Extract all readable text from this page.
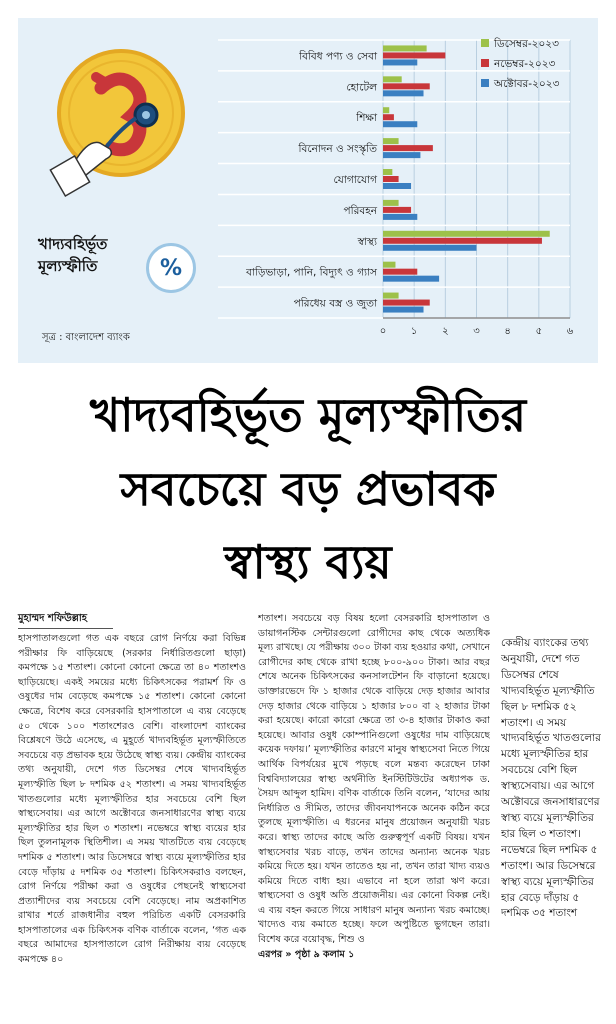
খাদ্যবহির্ভূত
মূল্যস্ফীতি	%
সূত্র : বাংলাদেশ ব্যাংক
বিবিধ পণ্য ও সেবা
হোটেল
শিক্ষা
বিনোদন ও সংস্কৃতি
যোগাযোগ
পরিবহন
স্বাস্থ্য
বাড়িভাড়া, পানি, বিদ্যুৎ ও গ্যাস
পরিধেয় বস্ত্র ও জুতা
০ ১ ২ ৩ ৪ ৫ ৬
ডিসেম্বর-২০২৩
নভেম্বর-২০২৩
অক্টোবর-২০২৩
খাদ্যবহির্ভূত মূল্যস্ফীতির
সবচেয়ে বড় প্রভাবক
স্বাস্থ্য ব্যয়
মুহাম্মদ শফিউল্লাহ

হাসপাতালগুলো গত এক বছরে রোগ নির্ণয়ে করা বিভিন্ন পরীক্ষার ফি বাড়িয়েছে (সরকার নির্ধারিতগুলো ছাড়া) কমপক্ষে ১৫ শতাংশ। কোনো কোনো ক্ষেত্রে তা ৪০ শতাংশও ছাড়িয়েছে। একই সময়ের মধ্যে চিকিৎসকের পরামর্শ ফি ও ওষুধের দাম বেড়েছে কমপক্ষে ১৫ শতাংশ। কোনো কোনো ক্ষেত্রে, বিশেষ করে বেসরকারি হাসপাতালে এ ব্যয় বেড়েছে ৫০ থেকে ১০০ শতাংশেরও বেশি। বাংলাদেশ ব্যাংকের বিশ্লেষণে উঠে এসেছে, এ মুহূর্তে খাদ্যবহির্ভূত মূল্যস্ফীতিতে সবচেয়ে বড় প্রভাবক হয়ে উঠেছে স্বাস্থ্য ব্যয়। কেন্দ্রীয় ব্যাংকের তথ্য অনুযায়ী, দেশে গত ডিসেম্বর শেষে খাদ্যবহির্ভূত মূল্যস্ফীতি ছিল ৮ দশমিক ৫২ শতাংশ। এ সময় খাদ্যবহির্ভূত খাতগুলোর মধ্যে মূল্যস্ফীতির হার সবচেয়ে বেশি ছিল স্বাস্থ্যসেবায়। এর আগে অক্টোবরে জনসাধারণের স্বাস্থ্য ব্যয়ে মূল্যস্ফীতির হার ছিল ৩ শতাংশ। নভেম্বরে স্বাস্থ্য ব্যয়ের হার ছিল তুলনামূলক স্থিতিশীল। এ সময় খাতটিতে ব্যয় বেড়েছে দশমিক ৫ শতাংশ। আর ডিসেম্বরে স্বাস্থ্য ব্যয়ে মূল্যস্ফীতির হার বেড়ে দাঁড়ায় ৫ দশমিক ৩৫ শতাংশ। চিকিৎসকরাও বলছেন, রোগ নির্ণয়ে পরীক্ষা করা ও ওষুধের পেছনেই স্বাস্থ্যসেবা প্রত্যাশীদের ব্যয় সবচেয়ে বেশি বেড়েছে। নাম অপ্রকাশিত রাখার শর্তে রাজধানীর বহুল পরিচিত একটি বেসরকারি হাসপাতালের এক চিকিৎসক বণিক বার্তাকে বলেন, ‘গত এক বছরে আমাদের হাসপাতালে রোগ নিরীক্ষায় ব্যয় বেড়েছে কমপক্ষে ৪০

শতাংশ। সবচেয়ে বড় বিষয় হলো বেসরকারি হাসপাতাল ও ডায়াগনস্টিক সেন্টারগুলো রোগীদের কাছ থেকে অত্যধিক মূল্য রাখছে। যে পরীক্ষায় ৩০০ টাকা ব্যয় হওয়ার কথা, সেখানে রোগীদের কাছ থেকে রাখা হচ্ছে ৮০০-৯০০ টাকা। আর বছর শেষে অনেক চিকিৎসকের কনসালটেশন ফি বাড়ানো হয়েছে। ডাক্তারভেদে ফি ১ হাজার থেকে বাড়িয়ে দেড় হাজার আবার দেড় হাজার থেকে বাড়িয়ে ১ হাজার ৮০০ বা ২ হাজার টাকা করা হয়েছে। কারো কারো ক্ষেত্রে তা ৩-৪ হাজার টাকাও করা হয়েছে। আবার ওষুধ কোম্পানিগুলো ওষুধের দাম বাড়িয়েছে কয়েক দফায়।’ মূল্যস্ফীতির কারণে মানুষ স্বাস্থ্যসেবা নিতে গিয়ে আর্থিক বিপর্যয়ের মুখে পড়ছে বলে মন্তব্য করেছেন ঢাকা বিশ্ববিদ্যালয়ের স্বাস্থ্য অর্থনীতি ইনস্টিটিউটের অধ্যাপক ড. সৈয়দ আব্দুল হামিদ। বণিক বার্তাকে তিনি বলেন, ‘যাদের আয় নির্ধারিত ও সীমিত, তাদের জীবনযাপনকে অনেক কঠিন করে তুলছে মূল্যস্ফীতি। এ ধরনের মানুষ প্রয়োজন অনুযায়ী খরচ করে। স্বাস্থ্য তাদের কাছে অতি গুরুত্বপূর্ণ একটি বিষয়। যখন স্বাস্থ্যসেবার খরচ বাড়ে, তখন তাদের অন্যান্য অনেক খরচ কমিয়ে দিতে হয়। যখন তাতেও হয় না, তখন তারা খাদ্য ব্যয়ও কমিয়ে দিতে বাধ্য হয়। এভাবে না হলে তারা ঋণ করে। স্বাস্থ্যসেবা ও ওষুধ অতি প্রয়োজনীয়। এর কোনো বিকল্প নেই। এ ব্যয় বহন করতে গিয়ে সাধারণ মানুষ অন্যান্য খরচ কমাচ্ছে। খাদ্যেও ব্যয় কমাতে হচ্ছে। ফলে অপুষ্টিতে ভুগছেন তারা। বিশেষ করে বয়োবৃদ্ধ, শিশু ও

এরপর » পৃষ্ঠা ৯ কলাম ১

কেন্দ্রীয় ব্যাংকের তথ্য অনুযায়ী, দেশে গত ডিসেম্বর শেষে খাদ্যবহির্ভূত মূল্যস্ফীতি ছিল ৮ দশমিক ৫২ শতাংশ। এ সময় খাদ্যবহির্ভূত খাতগুলোর মধ্যে মূল্যস্ফীতির হার সবচেয়ে বেশি ছিল স্বাস্থ্যসেবায়। এর আগে অক্টোবরে জনসাধারণের স্বাস্থ্য ব্যয়ে মূল্যস্ফীতির হার ছিল ৩ শতাংশ। নভেম্বরে ছিল দশমিক ৫ শতাংশ। আর ডিসেম্বরে স্বাস্থ্য ব্যয়ে মূল্যস্ফীতির হার বেড়ে দাঁড়ায় ৫ দশমিক ৩৫ শতাংশ
